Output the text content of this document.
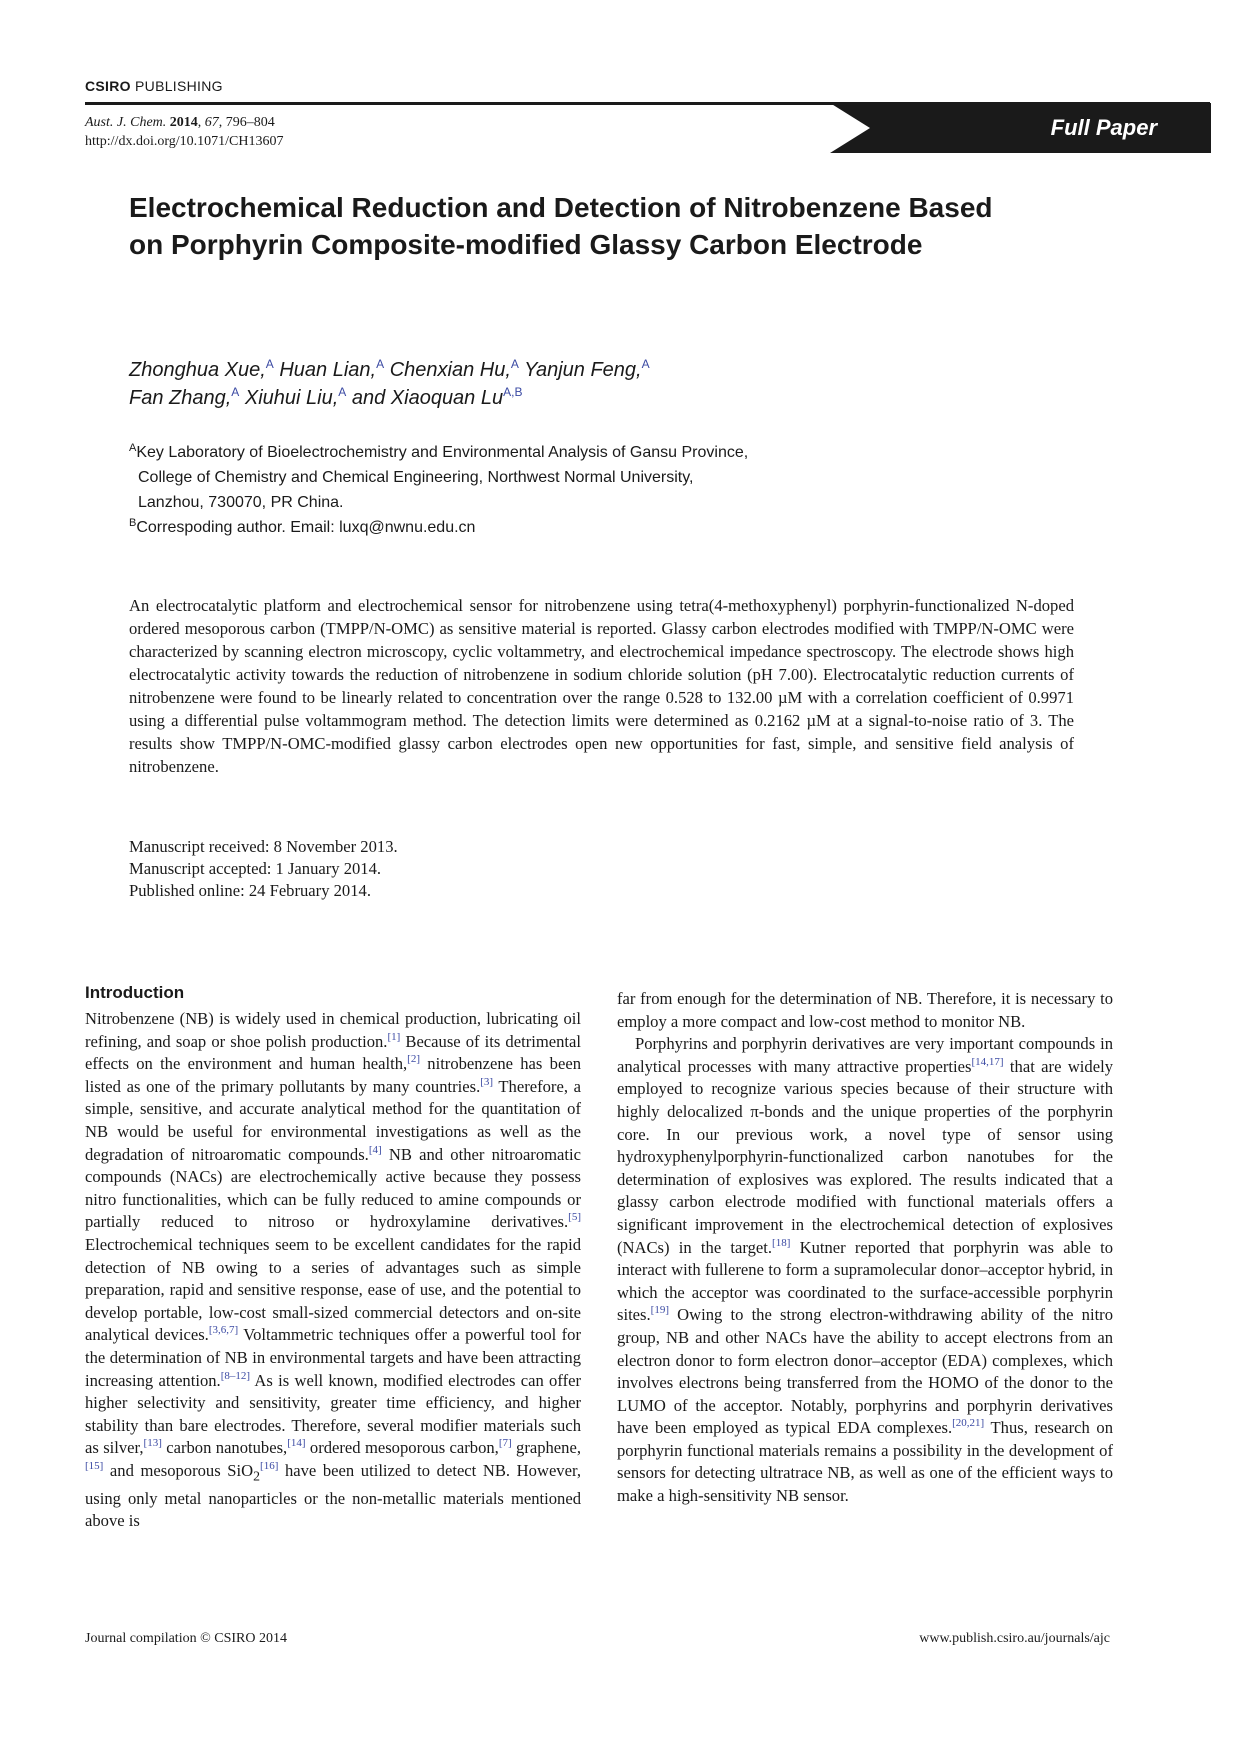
CSIRO PUBLISHING
Full Paper
Aust. J. Chem. 2014, 67, 796–804
http://dx.doi.org/10.1071/CH13607
Electrochemical Reduction and Detection of Nitrobenzene Based on Porphyrin Composite-modified Glassy Carbon Electrode
Zhonghua Xue,$^A$ Huan Lian,$^A$ Chenxian Hu,$^A$ Yanjun Feng,$^A$
Fan Zhang,$^A$ Xiuhui Liu,$^A$ and Xiaoquan Lu$^{A,B}$
$^A$Key Laboratory of Bioelectrochemistry and Environmental Analysis of Gansu Province,
College of Chemistry and Chemical Engineering, Northwest Normal University,
Lanzhou, 730070, PR China.
$^B$Correspoding author. Email: luxq@nwnu.edu.cn

An electrocatalytic platform and electrochemical sensor for nitrobenzene using tetra(4-methoxyphenyl) porphyrin-functionalized N-doped ordered mesoporous carbon (TMPP/N-OMC) as sensitive material is reported. Glassy carbon electrodes modified with TMPP/N-OMC were characterized by scanning electron microscopy, cyclic voltammetry, and electrochemical impedance spectroscopy. The electrode shows high electrocatalytic activity towards the reduction of nitrobenzene in sodium chloride solution (pH 7.00). Electrocatalytic reduction currents of nitrobenzene were found to be linearly related to concentration over the range 0.528 to 132.00 µM with a correlation coefficient of 0.9971 using a differential pulse voltammogram method. The detection limits were determined as 0.2162 µM at a signal-to-noise ratio of 3. The results show TMPP/N-OMC-modified glassy carbon electrodes open new opportunities for fast, simple, and sensitive field analysis of nitrobenzene.

Manuscript received: 8 November 2013.
Manuscript accepted: 1 January 2014.
Published online: 24 February 2014.
Introduction

Nitrobenzene (NB) is widely used in chemical production, lubricating oil refining, and soap or shoe polish production.[1] Because of its detrimental effects on the environment and human health,[2] nitrobenzene has been listed as one of the primary pollutants by many countries.[3] Therefore, a simple, sensitive, and accurate analytical method for the quantitation of NB would be useful for environmental investigations as well as the degradation of nitroaromatic compounds.[4] NB and other nitroaromatic compounds (NACs) are electrochemically active because they possess nitro functionalities, which can be fully reduced to amine compounds or partially reduced to nitroso or hydroxylamine derivatives.[5] Electrochemical techniques seem to be excellent candidates for the rapid detection of NB owing to a series of advantages such as simple preparation, rapid and sensitive response, ease of use, and the potential to develop portable, low-cost small-sized commercial detectors and on-site analytical devices.[3,6,7] Voltammetric techniques offer a powerful tool for the determination of NB in environmental targets and have been attracting increasing attention.[8–12] As is well known, modified electrodes can offer higher selectivity and sensitivity, greater time efficiency, and higher stability than bare electrodes. Therefore, several modifier materials such as silver,[13] carbon nanotubes,[14] ordered mesoporous carbon,[7] graphene,[15] and mesoporous SiO$_2$[16] have been utilized to detect NB. However, using only metal nanoparticles or the non-metallic materials mentioned above is

far from enough for the determination of NB. Therefore, it is necessary to employ a more compact and low-cost method to monitor NB.

Porphyrins and porphyrin derivatives are very important compounds in analytical processes with many attractive properties[14,17] that are widely employed to recognize various species because of their structure with highly delocalized π-bonds and the unique properties of the porphyrin core. In our previous work, a novel type of sensor using hydroxyphenylporphyrin-functionalized carbon nanotubes for the determination of explosives was explored. The results indicated that a glassy carbon electrode modified with functional materials offers a significant improvement in the electrochemical detection of explosives (NACs) in the target.[18] Kutner reported that porphyrin was able to interact with fullerene to form a supramolecular donor–acceptor hybrid, in which the acceptor was coordinated to the surface-accessible porphyrin sites.[19] Owing to the strong electron-withdrawing ability of the nitro group, NB and other NACs have the ability to accept electrons from an electron donor to form electron donor–acceptor (EDA) complexes, which involves electrons being transferred from the HOMO of the donor to the LUMO of the acceptor. Notably, porphyrins and porphyrin derivatives have been employed as typical EDA complexes.[20,21] Thus, research on porphyrin functional materials remains a possibility in the development of sensors for detecting ultratrace NB, as well as one of the efficient ways to make a high-sensitivity NB sensor.

Journal compilation © CSIRO 2014	www.publish.csiro.au/journals/ajc
